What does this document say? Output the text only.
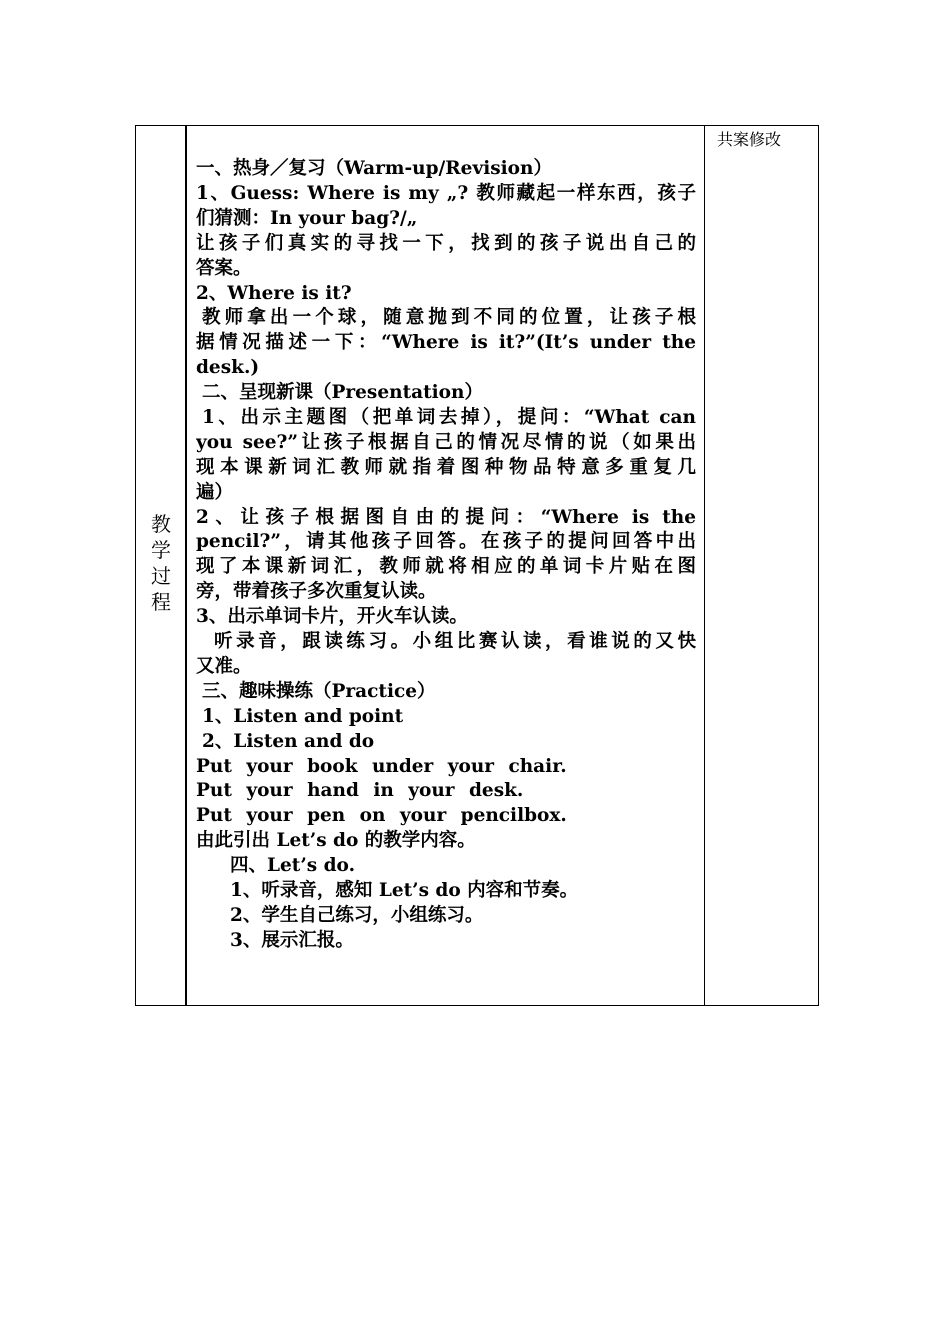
教
学
过
程
一、热身／复习（Warm-up/Revision）
1、Guess: Where is my „? 教师藏起一样东西，孩子
们猜测：In your bag?/„
让孩子们真实的寻找一下，找到的孩子说出自己的
答案。
2、Where is it?
教师拿出一个球，随意抛到不同的位置，让孩子根
据情况描述一下：“Where is it?”(It’s under the
desk.)
二、呈现新课（Presentation）
1、出示主题图（把单词去掉），提问：“What can
you see?”让孩子根据自己的情况尽情的说（如果出
现本课新词汇教师就指着图种物品特意多重复几
遍）
2、让孩子根据图自由的提问：“Where is the
pencil?”，请其他孩子回答。在孩子的提问回答中出
现了本课新词汇，教师就将相应的单词卡片贴在图
旁，带着孩子多次重复认读。
3、出示单词卡片，开火车认读。
听录音，跟读练习。小组比赛认读，看谁说的又快
又准。
三、趣味操练（Practice）
1、Listen and point
2、Listen and do
Put your book under your chair.
Put your hand in your desk.
Put your pen on your pencilbox.
由此引出 Let’s do 的教学内容。
四、Let’s do.
1、听录音，感知 Let’s do 内容和节奏。
2、学生自己练习，小组练习。
3、展示汇报。
共案修改
